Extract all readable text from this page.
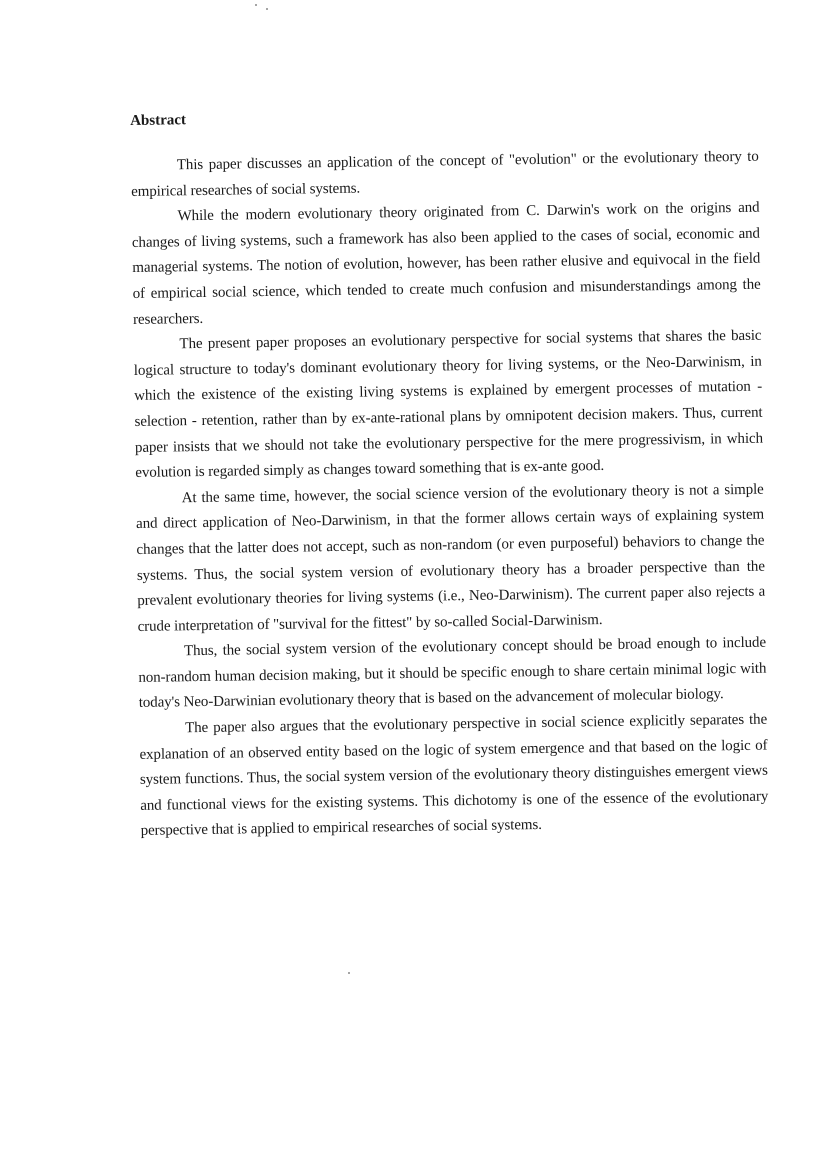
Abstract

This paper discusses an application of the concept of "evolution" or the evolutionary theory to empirical researches of social systems.

While the modern evolutionary theory originated from C. Darwin's work on the origins and changes of living systems, such a framework has also been applied to the cases of social, economic and managerial systems. The notion of evolution, however, has been rather elusive and equivocal in the field of empirical social science, which tended to create much confusion and misunderstandings among the researchers.

The present paper proposes an evolutionary perspective for social systems that shares the basic logical structure to today's dominant evolutionary theory for living systems, or the Neo-Darwinism, in which the existence of the existing living systems is explained by emergent processes of mutation - selection - retention, rather than by ex-ante-rational plans by omnipotent decision makers. Thus, current paper insists that we should not take the evolutionary perspective for the mere progressivism, in which evolution is regarded simply as changes toward something that is ex-ante good.

At the same time, however, the social science version of the evolutionary theory is not a simple and direct application of Neo-Darwinism, in that the former allows certain ways of explaining system changes that the latter does not accept, such as non-random (or even purposeful) behaviors to change the systems. Thus, the social system version of evolutionary theory has a broader perspective than the prevalent evolutionary theories for living systems (i.e., Neo-Darwinism). The current paper also rejects a crude interpretation of "survival for the fittest" by so-called Social-Darwinism.

Thus, the social system version of the evolutionary concept should be broad enough to include non-random human decision making, but it should be specific enough to share certain minimal logic with today's Neo-Darwinian evolutionary theory that is based on the advancement of molecular biology.

The paper also argues that the evolutionary perspective in social science explicitly separates the explanation of an observed entity based on the logic of system emergence and that based on the logic of system functions. Thus, the social system version of the evolutionary theory distinguishes emergent views and functional views for the existing systems. This dichotomy is one of the essence of the evolutionary perspective that is applied to empirical researches of social systems.
